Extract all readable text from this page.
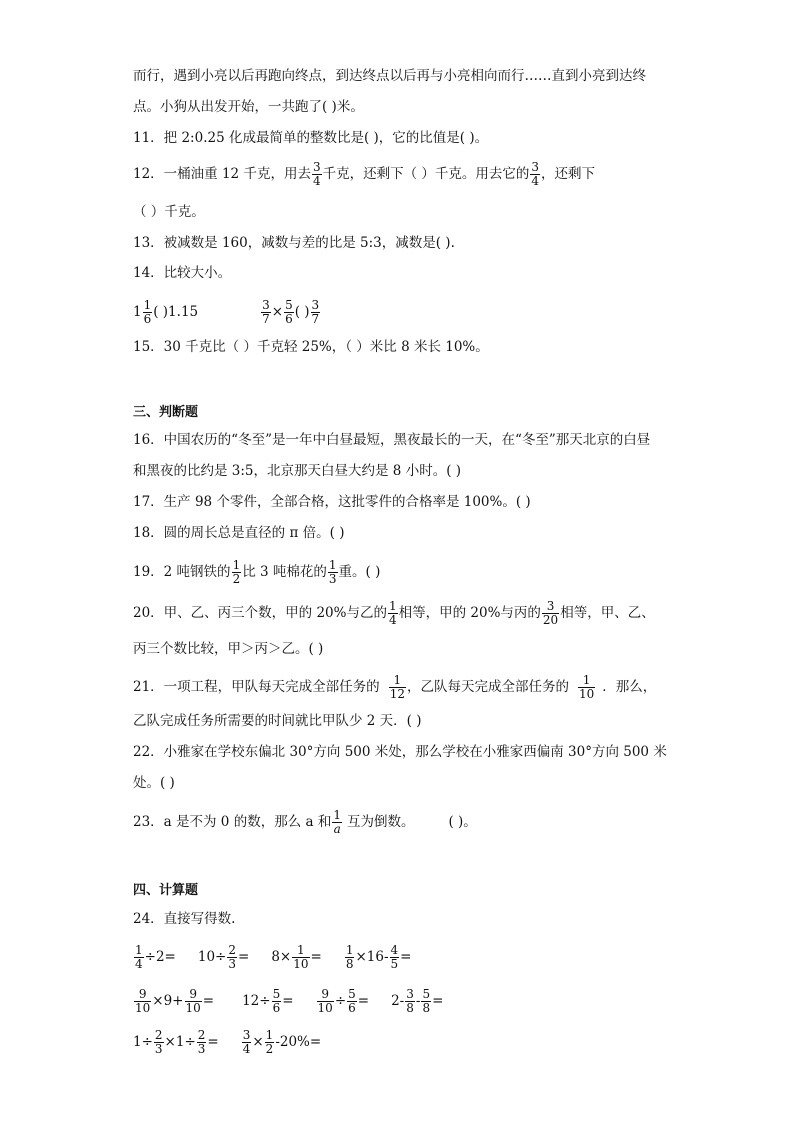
而行，遇到小亮以后再跑向终点，到达终点以后再与小亮相向而行……直到小亮到达终
点。小狗从出发开始，一共跑了( )米。
11．把 2:0.25 化成最简单的整数比是( )，它的比值是( )。
12．一桶油重 12 千克，用去 $\frac{3}{4}$ 千克，还剩下（ ）千克。用去它的 $\frac{3}{4}$ ，还剩下
（ ）千克。
13．被减数是 160，减数与差的比是 5:3，减数是( ).
14．比较大小。
$1 \frac{1}{6}$ ( )1.15	$\frac{3}{7} \times \frac{5}{6}$ ( ) $\frac{3}{7}$
15．30 千克比（ ）千克轻 25%，（ ）米比 8 米长 10%。
三、判断题
16．中国农历的“冬至”是一年中白昼最短，黑夜最长的一天，在“冬至”那天北京的白昼
和黑夜的比约是 3:5，北京那天白昼大约是 8 小时。( )
17．生产 98 个零件，全部合格，这批零件的合格率是 100%。( )
18．圆的周长总是直径的 π 倍。( )
19．2 吨钢铁的 $\frac{1}{2}$ 比 3 吨棉花的 $\frac{1}{3}$ 重。( )
20．甲、乙、丙三个数，甲的 20%与乙的 $\frac{1}{4}$ 相等，甲的 20%与丙的 $\frac{3}{20}$ 相等，甲、乙、
丙三个数比较，甲＞丙＞乙。( )
21．一项工程，甲队每天完成全部任务的 $\frac{1}{12}$ ，乙队每天完成全部任务的 $\frac{1}{10}$ ．那么，
乙队完成任务所需要的时间就比甲队少 2 天．( )
22．小雅家在学校东偏北 30°方向 500 米处，那么学校在小雅家西偏南 30°方向 500 米
处。( )
23．a 是不为 0 的数，那么 a 和 $\frac{1}{a}$ 互为倒数。	( )。
四、计算题
24．直接写得数.
$\frac{1}{4} \div 2= 10\div \frac{2}{3} = 8\times \frac{1}{10} = \frac{1}{8} \times 16- \frac{4}{5}$ =
$\frac{9}{10} \times 9+ \frac{9}{10} = 12\div \frac{5}{6} = \frac{9}{10} \div \frac{5}{6} = 2- \frac{3}{8} - \frac{5}{8}$ =
$1\div \frac{2}{3} \times 1\div \frac{2}{3} = \frac{3}{4} \times \frac{1}{2} -20\%=$
